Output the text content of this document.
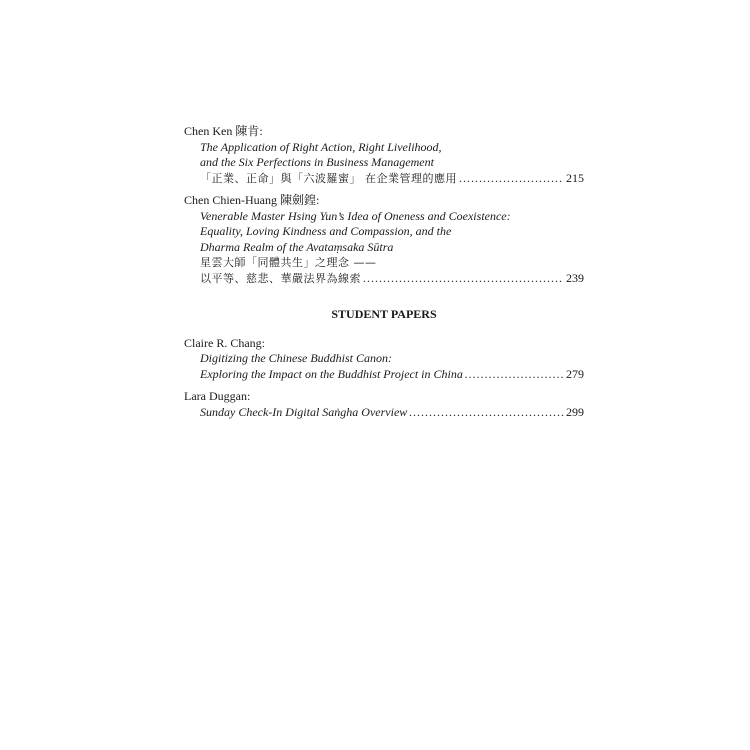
Chen Ken 陳肯:
The Application of Right Action, Right Livelihood,
and the Six Perfections in Business Management
「正業、正命」與「六波羅蜜」 在企業管理的應用 .....	215
Chen Chien-Huang 陳劍鍠:
Venerable Master Hsing Yun’s Idea of Oneness and Coexistence:
Equality, Loving Kindness and Compassion, and the
Dharma Realm of the Avataṃsaka Sūtra
星雲大師「同體共生」之理念 ——
以平等、慈悲、華嚴法界為線索 .....	239
STUDENT PAPERS
Claire R. Chang:
Digitizing the Chinese Buddhist Canon:
Exploring the Impact on the Buddhist Project in China .....	279
Lara Duggan:
Sunday Check-In Digital Saṅgha Overview .....	299
